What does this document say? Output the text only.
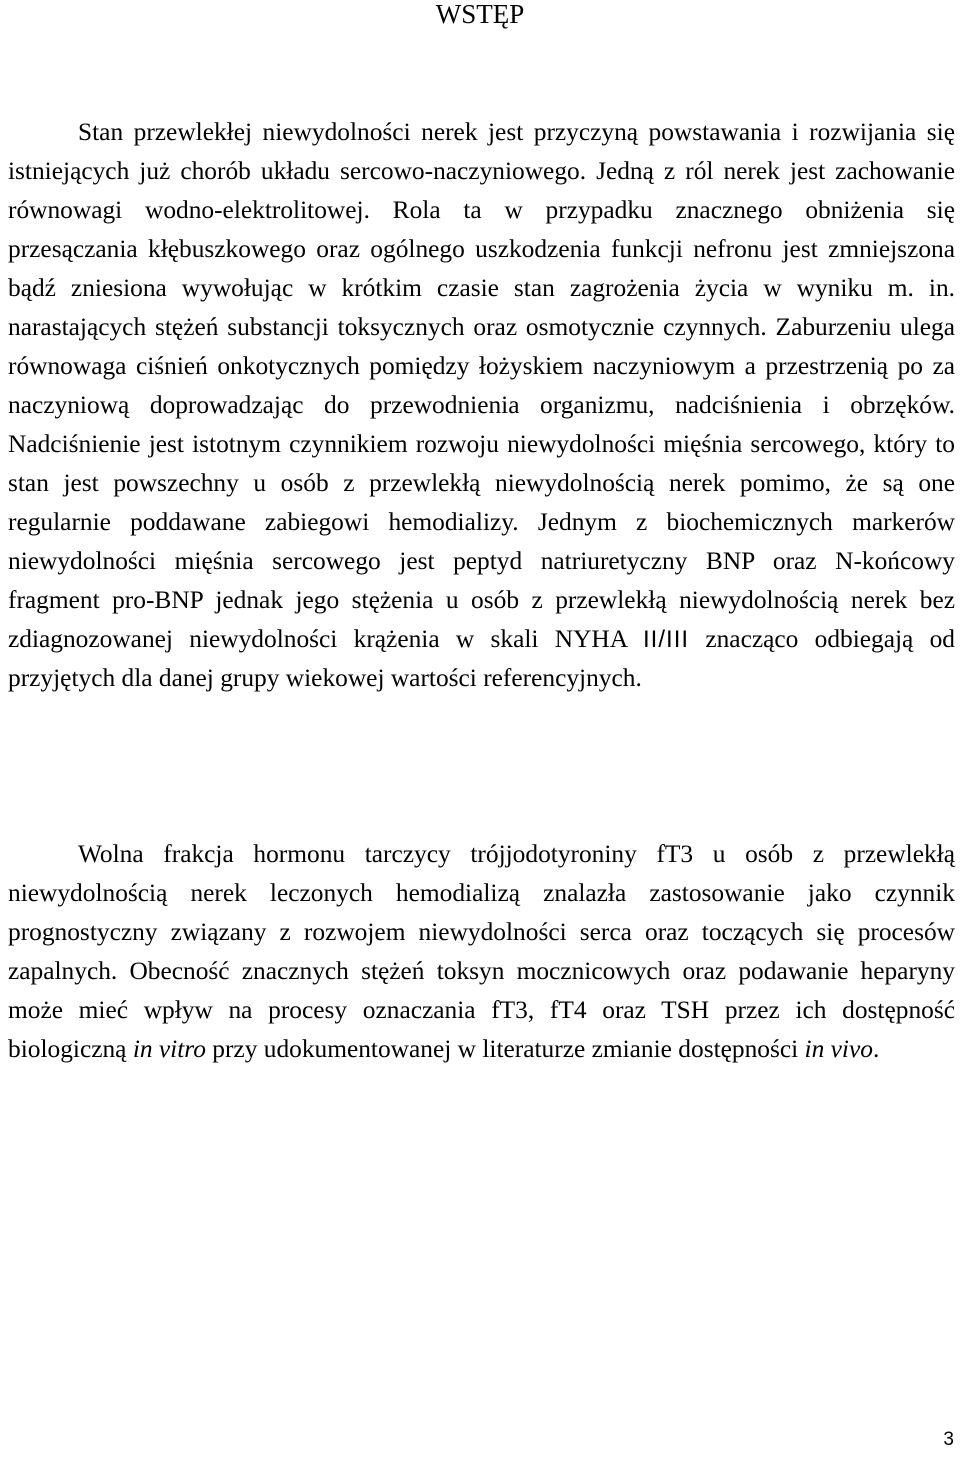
WSTĘP

Stan przewlekłej niewydolności nerek jest przyczyną powstawania i rozwijania się istniejących już chorób układu sercowo-naczyniowego. Jedną z ról nerek jest zachowanie równowagi wodno-elektrolitowej. Rola ta w przypadku znacznego obniżenia się przesączania kłębuszkowego oraz ogólnego uszkodzenia funkcji nefronu jest zmniejszona bądź zniesiona wywołując w krótkim czasie stan zagrożenia życia w wyniku m. in. narastających stężeń substancji toksycznych oraz osmotycznie czynnych. Zaburzeniu ulega równowaga ciśnień onkotycznych pomiędzy łożyskiem naczyniowym a przestrzenią po za naczyniową doprowadzając do przewodnienia organizmu, nadciśnienia i obrzęków. Nadciśnienie jest istotnym czynnikiem rozwoju niewydolności mięśnia sercowego, który to stan jest powszechny u osób z przewlekłą niewydolnością nerek pomimo, że są one regularnie poddawane zabiegowi hemodializy. Jednym z biochemicznych markerów niewydolności mięśnia sercowego jest peptyd natriuretyczny BNP oraz N-końcowy fragment pro-BNP jednak jego stężenia u osób z przewlekłą niewydolnością nerek bez zdiagnozowanej niewydolności krążenia w skali NYHA II/III znacząco odbiegają od przyjętych dla danej grupy wiekowej wartości referencyjnych.

Wolna frakcja hormonu tarczycy trójjodotyroniny fT3 u osób z przewlekłą niewydolnością nerek leczonych hemodializą znalazła zastosowanie jako czynnik prognostyczny związany z rozwojem niewydolności serca oraz toczących się procesów zapalnych. Obecność znacznych stężeń toksyn mocznicowych oraz podawanie heparyny może mieć wpływ na procesy oznaczania fT3, fT4 oraz TSH przez ich dostępność biologiczną in vitro przy udokumentowanej w literaturze zmianie dostępności in vivo.

3
